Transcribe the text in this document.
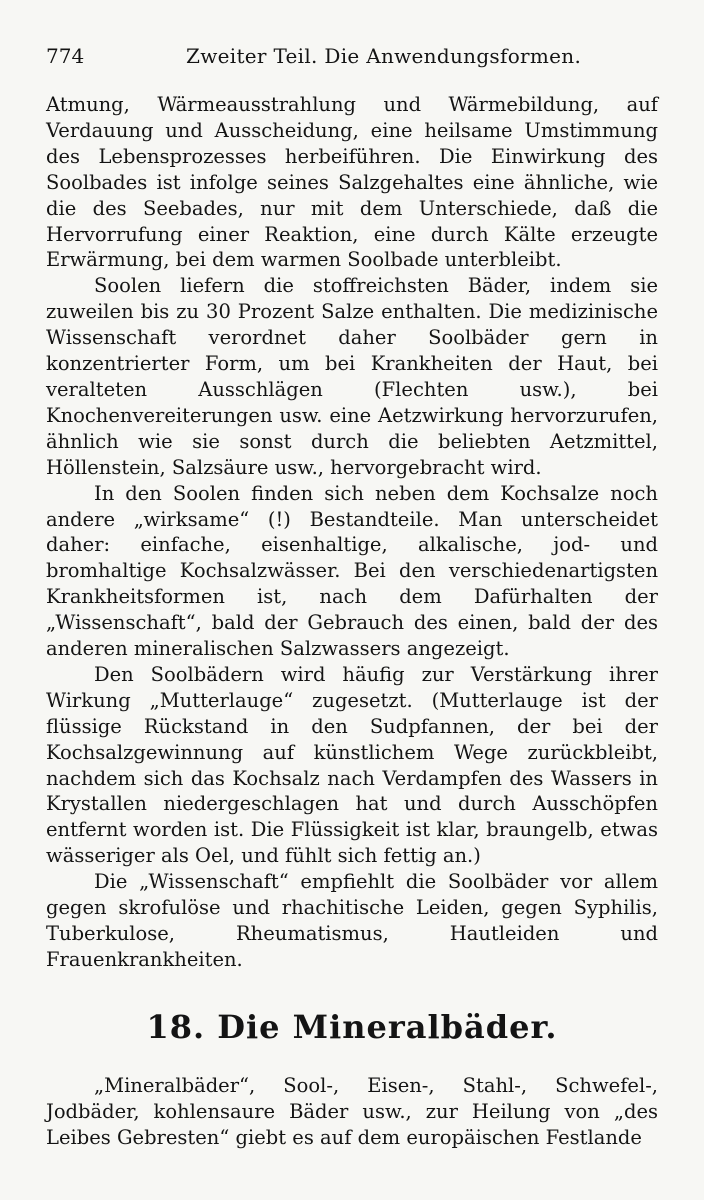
774	Zweiter Teil. Die Anwendungsformen.

Atmung, Wärmeausstrahlung und Wärmebildung, auf Verdauung und Ausscheidung, eine heilsame Umstimmung des Lebensprozesses herbeiführen. Die Einwirkung des Soolbades ist infolge seines Salzgehaltes eine ähnliche, wie die des Seebades, nur mit dem Unterschiede, daß die Hervorrufung einer Reaktion, eine durch Kälte erzeugte Erwärmung, bei dem warmen Soolbade unterbleibt.

Soolen liefern die stoffreichsten Bäder, indem sie zuweilen bis zu 30 Prozent Salze enthalten. Die medizinische Wissenschaft verordnet daher Soolbäder gern in konzentrierter Form, um bei Krankheiten der Haut, bei veralteten Ausschlägen (Flechten usw.), bei Knochenvereiterungen usw. eine Aetzwirkung hervorzurufen, ähnlich wie sie sonst durch die beliebten Aetzmittel, Höllenstein, Salzsäure usw., hervorgebracht wird.

In den Soolen finden sich neben dem Kochsalze noch andere „wirksame“ (!) Bestandteile. Man unterscheidet daher: einfache, eisenhaltige, alkalische, jod- und bromhaltige Kochsalzwässer. Bei den verschiedenartigsten Krankheitsformen ist, nach dem Dafürhalten der „Wissenschaft“, bald der Gebrauch des einen, bald der des anderen mineralischen Salzwassers angezeigt.

Den Soolbädern wird häufig zur Verstärkung ihrer Wirkung „Mutterlauge“ zugesetzt. (Mutterlauge ist der flüssige Rückstand in den Sudpfannen, der bei der Kochsalzgewinnung auf künstlichem Wege zurückbleibt, nachdem sich das Kochsalz nach Verdampfen des Wassers in Krystallen niedergeschlagen hat und durch Ausschöpfen entfernt worden ist. Die Flüssigkeit ist klar, braungelb, etwas wässeriger als Oel, und fühlt sich fettig an.)

Die „Wissenschaft“ empfiehlt die Soolbäder vor allem gegen skrofulöse und rhachitische Leiden, gegen Syphilis, Tuberkulose, Rheumatismus, Hautleiden und Frauenkrankheiten.

18. Die Mineralbäder.

„Mineralbäder“, Sool-, Eisen-, Stahl-, Schwefel-, Jodbäder, kohlensaure Bäder usw., zur Heilung von „des Leibes Gebresten“ giebt es auf dem europäischen Festlande
